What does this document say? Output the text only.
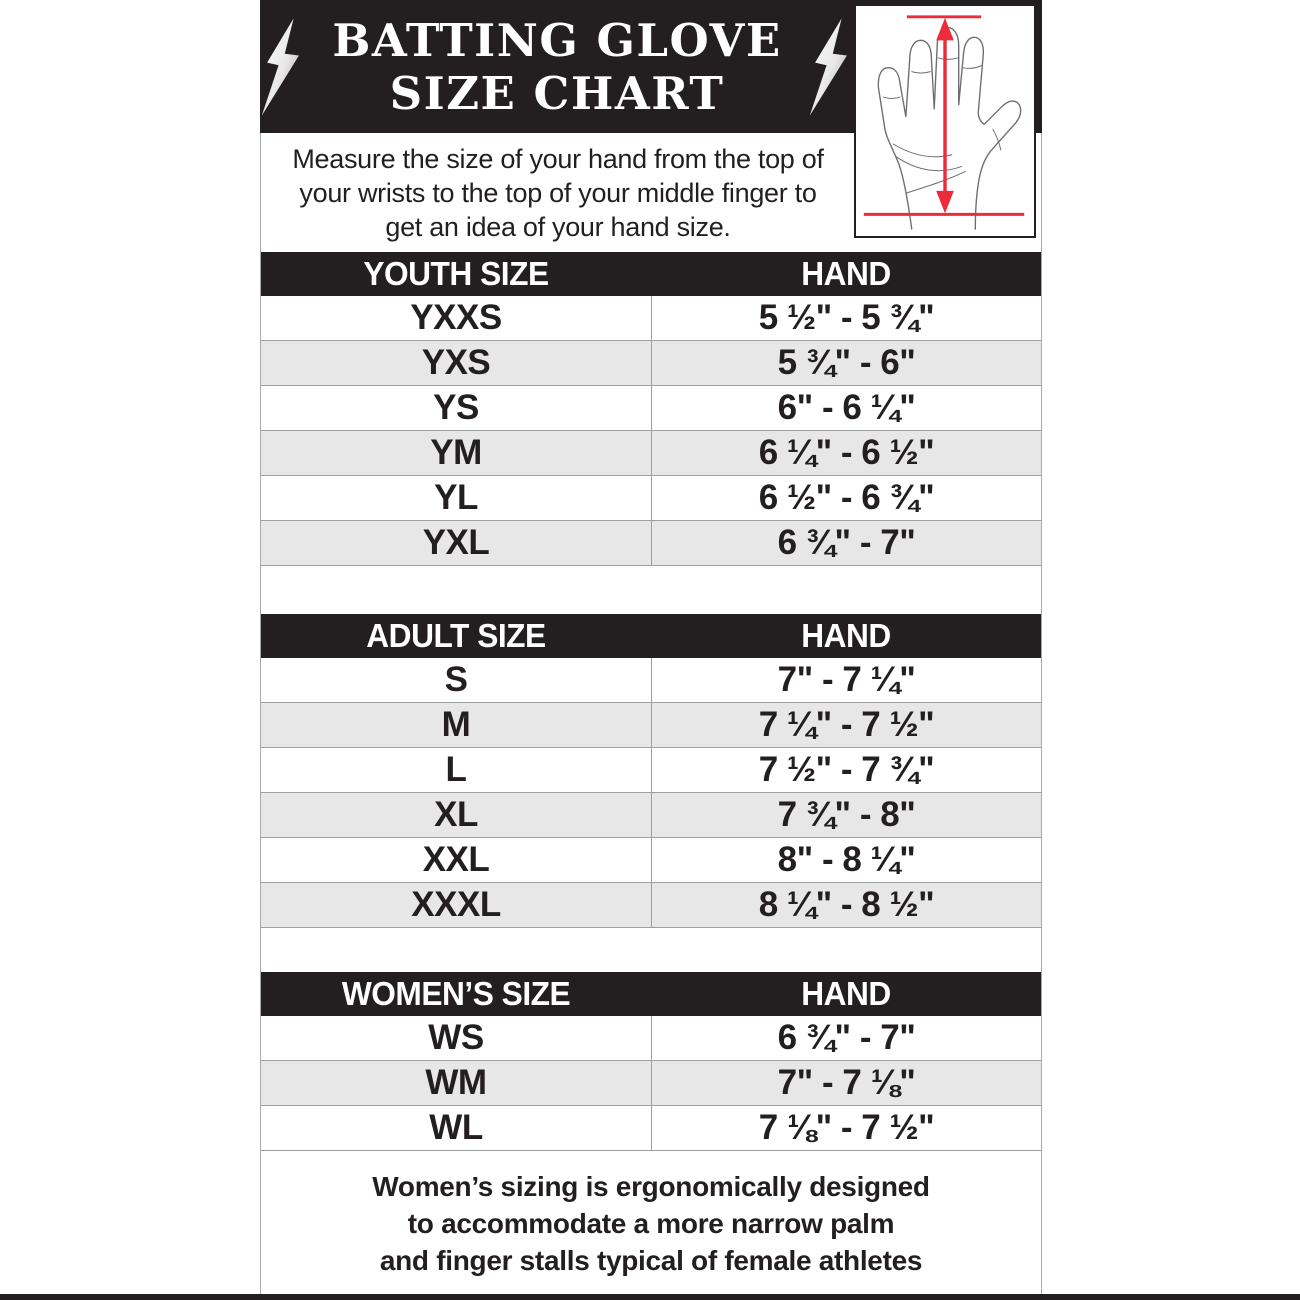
BATTING GLOVE
SIZE CHART
Measure the size of your hand from the top of
your wrists to the top of your middle finger to
get an idea of your hand size.
YOUTH SIZE	HAND
YXXS	5 ½" - 5 ¾"
YXS	5 ¾" - 6"
YS	6" - 6 ¼"
YM	6 ¼" - 6 ½"
YL	6 ½" - 6 ¾"
YXL	6 ¾" - 7"
ADULT SIZE	HAND
S	7" - 7 ¼"
M	7 ¼" - 7 ½"
L	7 ½" - 7 ¾"
XL	7 ¾" - 8"
XXL	8" - 8 ¼"
XXXL	8 ¼" - 8 ½"
WOMEN’S SIZE	HAND
WS	6 ¾" - 7"
WM	7" - 7 ⅛"
WL	7 ⅛" - 7 ½"
Women’s sizing is ergonomically designed
to accommodate a more narrow palm
and finger stalls typical of female athletes
